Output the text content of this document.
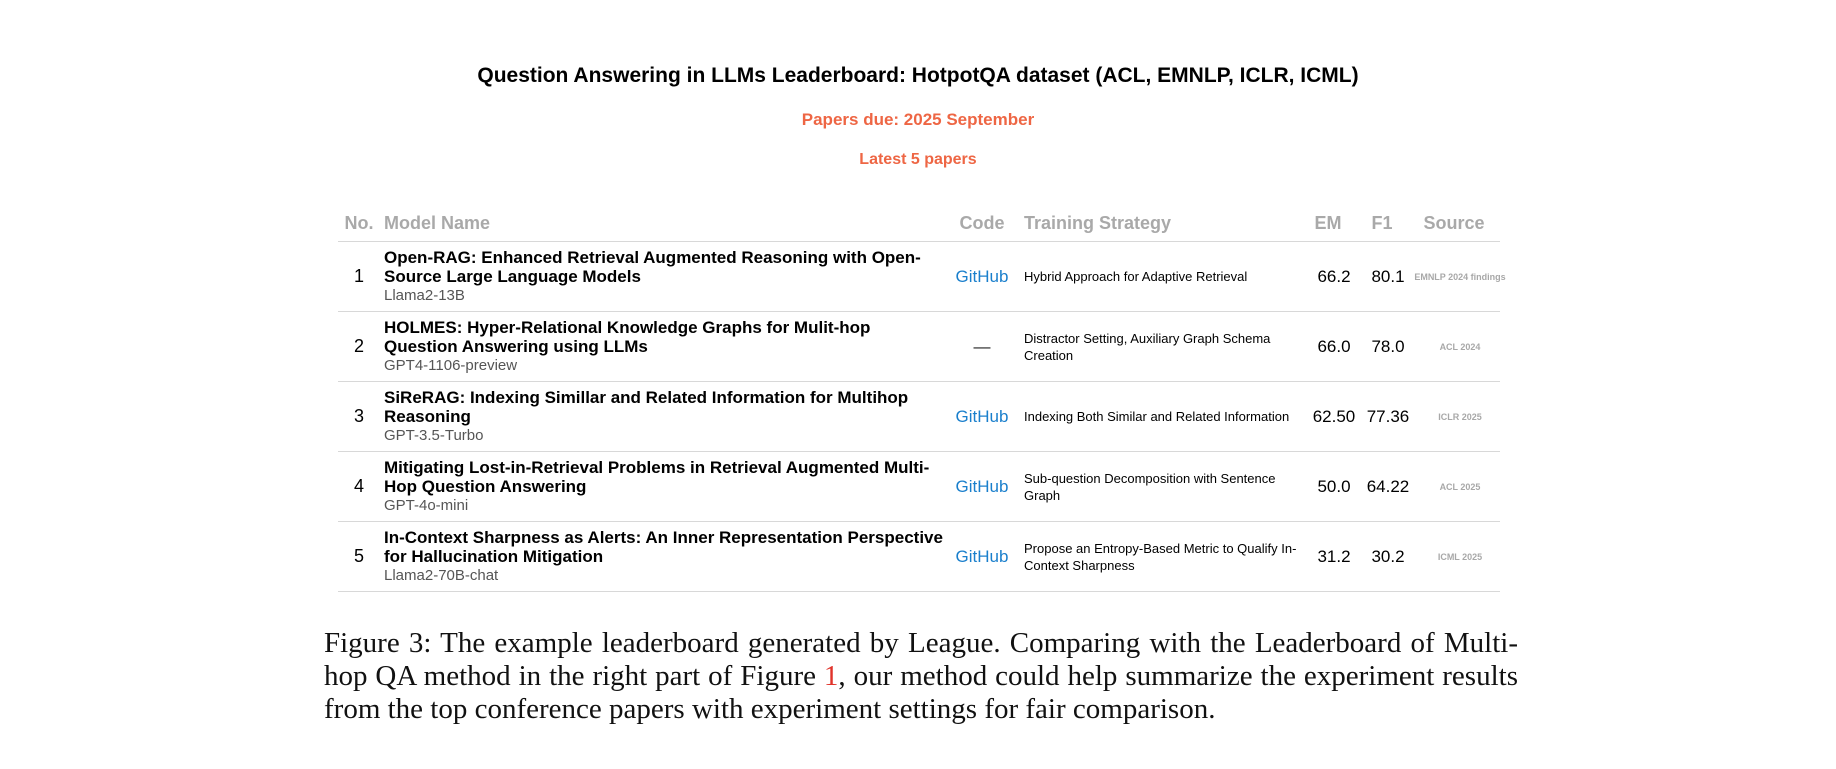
Question Answering in LLMs Leaderboard: HotpotQA dataset (ACL, EMNLP, ICLR, ICML)
Papers due: 2025 September
Latest 5 papers
No. Model Name	Code	Training Strategy	EM	F1	Source
1
Open-RAG: Enhanced Retrieval Augmented Reasoning with Open-Source Large Language Models
Llama2-13B
GitHub	Hybrid Approach for Adaptive Retrieval	66.2	80.1	EMNLP 2024 findings
2
HOLMES: Hyper-Relational Knowledge Graphs for Mulit-hop Question Answering using LLMs
GPT4-1106-preview
—	Distractor Setting, Auxiliary Graph Schema Creation	66.0	78.0	ACL 2024
3
SiReRAG: Indexing Simillar and Related Information for Multihop Reasoning
GPT-3.5-Turbo
GitHub	Indexing Both Similar and Related Information	62.50 77.36	ICLR 2025
4
Mitigating Lost-in-Retrieval Problems in Retrieval Augmented Multi-Hop Question Answering
GPT-4o-mini
GitHub	Sub-question Decomposition with Sentence Graph	50.0 64.22	ACL 2025
5
In-Context Sharpness as Alerts: An Inner Representation Perspective for Hallucination Mitigation
Llama2-70B-chat
GitHub	Propose an Entropy-Based Metric to Qualify In-Context Sharpness	31.2	30.2	ICML 2025
Figure 3: The example leaderboard generated by League. Comparing with the Leaderboard of Multi-hop QA method in the right part of Figure 1, our method could help summarize the experiment results from the top conference papers with experiment settings for fair comparison.
